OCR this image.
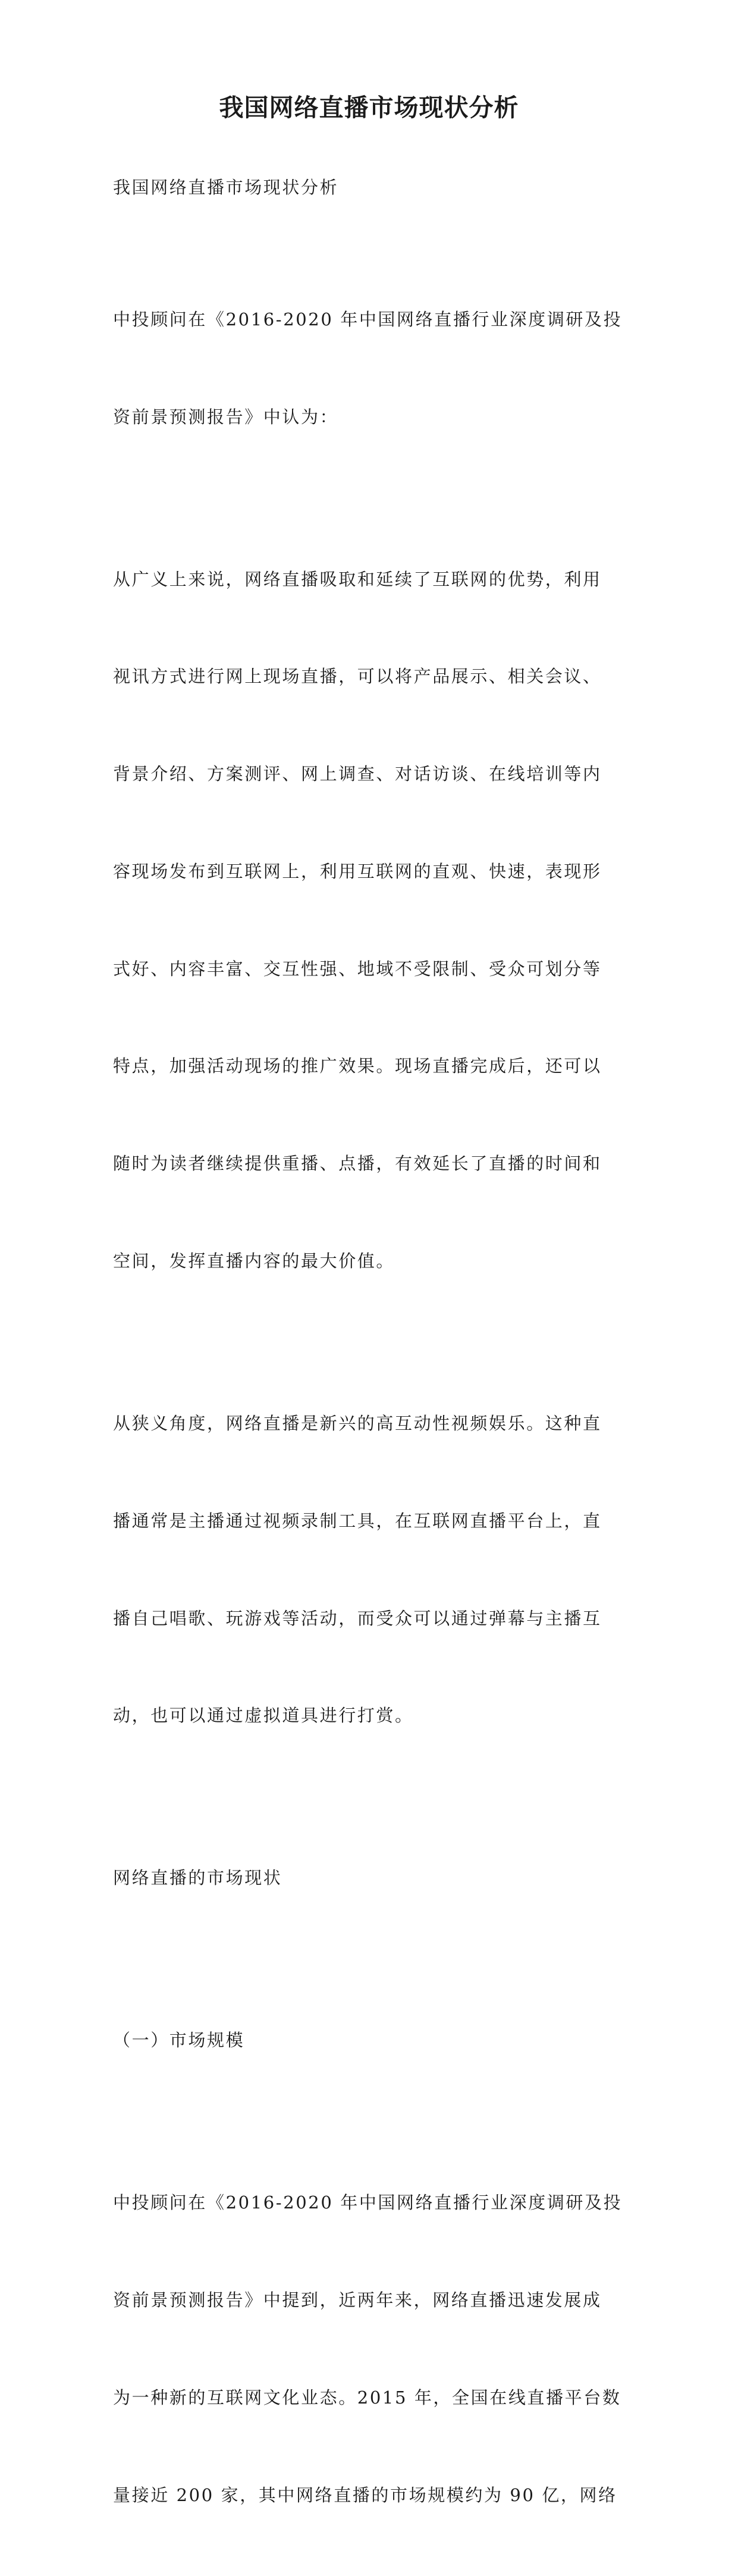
我国网络直播市场现状分析

我国网络直播市场现状分析

中投顾问在《2016-2020 年中国网络直播行业深度调研及投

资前景预测报告》中认为：

从广义上来说，网络直播吸取和延续了互联网的优势，利用

视讯方式进行网上现场直播，可以将产品展示、相关会议、

背景介绍、方案测评、网上调查、对话访谈、在线培训等内

容现场发布到互联网上，利用互联网的直观、快速，表现形

式好、内容丰富、交互性强、地域不受限制、受众可划分等

特点，加强活动现场的推广效果。现场直播完成后，还可以

随时为读者继续提供重播、点播，有效延长了直播的时间和

空间，发挥直播内容的最大价值。

从狭义角度，网络直播是新兴的高互动性视频娱乐。这种直

播通常是主播通过视频录制工具，在互联网直播平台上，直

播自己唱歌、玩游戏等活动，而受众可以通过弹幕与主播互

动，也可以通过虚拟道具进行打赏。

网络直播的市场现状

（一）市场规模

中投顾问在《2016-2020 年中国网络直播行业深度调研及投

资前景预测报告》中提到，近两年来，网络直播迅速发展成

为一种新的互联网文化业态。2015 年，全国在线直播平台数

量接近 200 家，其中网络直播的市场规模约为 90 亿，网络
